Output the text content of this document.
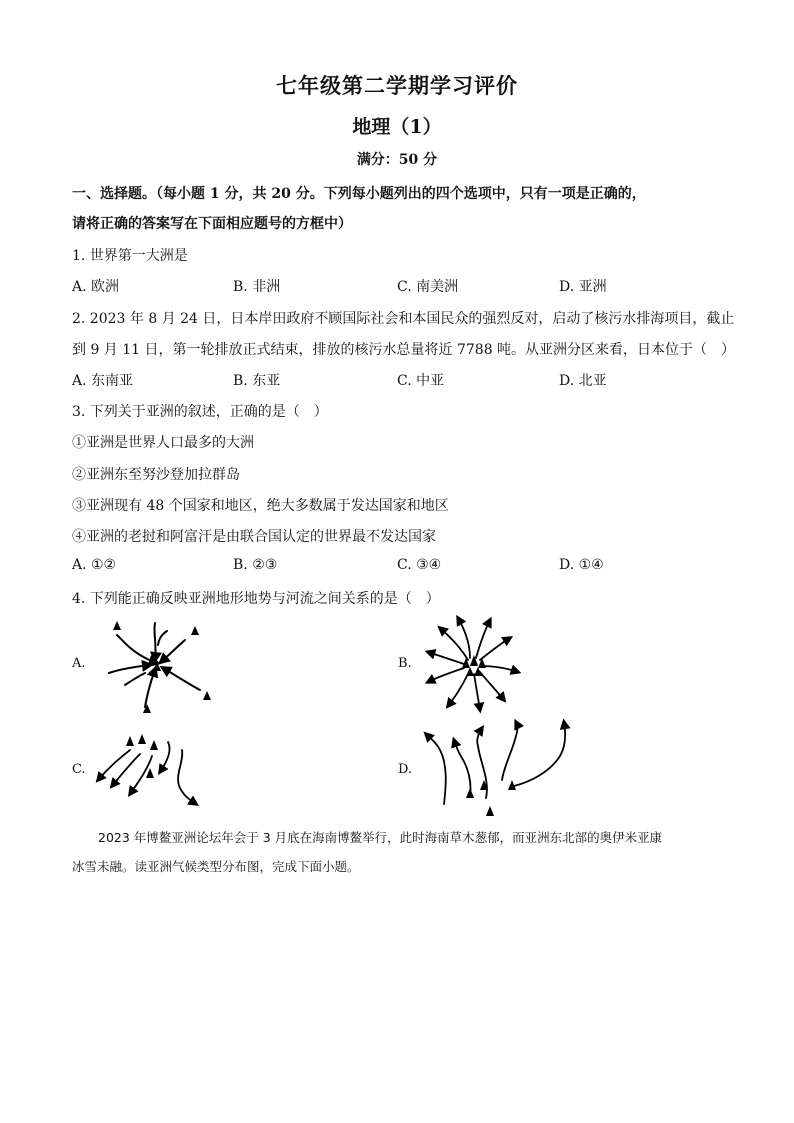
七年级第二学期学习评价
地理（1）
满分：50 分
一、选择题。（每小题 1 分，共 20 分。下列每小题列出的四个选项中，只有一项是正确的，
请将正确的答案写在下面相应题号的方框中）
1. 世界第一大洲是
A. 欧洲	B. 非洲	C. 南美洲	D. 亚洲
2. 2023 年 8 月 24 日，日本岸田政府不顾国际社会和本国民众的强烈反对，启动了核污水排海项目，截止
到 9 月 11 日，第一轮排放正式结束，排放的核污水总量将近 7788 吨。从亚洲分区来看，日本位于（　）
A. 东南亚	B. 东亚	C. 中亚	D. 北亚
3. 下列关于亚洲的叙述，正确的是（　）
①亚洲是世界人口最多的大洲
②亚洲东至努沙登加拉群岛
③亚洲现有 48 个国家和地区，绝大多数属于发达国家和地区
④亚洲的老挝和阿富汗是由联合国认定的世界最不发达国家
A. ①②	B. ②③	C. ③④	D. ①④
4. 下列能正确反映亚洲地形地势与河流之间关系的是（　）
A.	B.
C.	D.
2023 年博鳌亚洲论坛年会于 3 月底在海南博鳌举行，此时海南草木葱郁，而亚洲东北部的奥伊米亚康
冰雪未融。读亚洲气候类型分布图，完成下面小题。
